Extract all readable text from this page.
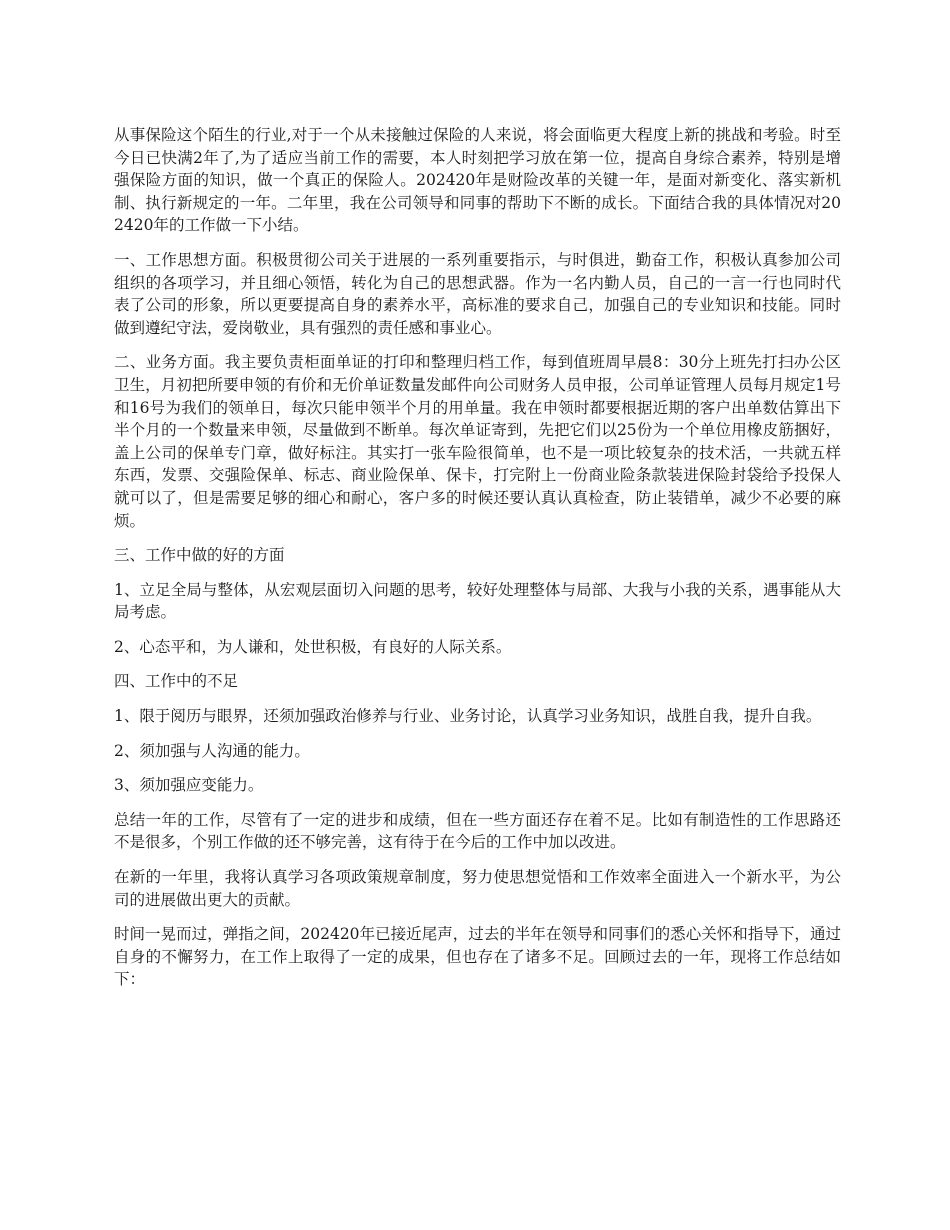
从事保险这个陌生的行业,对于一个从未接触过保险的人来说，将会面临更大程度上新的挑战和考验。时至今日已快满2年了,为了适应当前工作的需要，本人时刻把学习放在第一位，提高自身综合素养，特别是增强保险方面的知识，做一个真正的保险人。202420年是财险改革的关键一年，是面对新变化、落实新机制、执行新规定的一年。二年里，我在公司领导和同事的帮助下不断的成长。下面结合我的具体情况对202420年的工作做一下小结。

一、工作思想方面。积极贯彻公司关于进展的一系列重要指示，与时俱进，勤奋工作，积极认真参加公司组织的各项学习，并且细心领悟，转化为自己的思想武器。作为一名内勤人员，自己的一言一行也同时代表了公司的形象，所以更要提高自身的素养水平，高标准的要求自己，加强自己的专业知识和技能。同时做到遵纪守法，爱岗敬业，具有强烈的责任感和事业心。

二、业务方面。我主要负责柜面单证的打印和整理归档工作，每到值班周早晨8：30分上班先打扫办公区卫生，月初把所要申领的有价和无价单证数量发邮件向公司财务人员申报，公司单证管理人员每月规定1号和16号为我们的领单日，每次只能申领半个月的用单量。我在申领时都要根据近期的客户出单数估算出下半个月的一个数量来申领，尽量做到不断单。每次单证寄到，先把它们以25份为一个单位用橡皮筋捆好，盖上公司的保单专门章，做好标注。其实打一张车险很简单，也不是一项比较复杂的技术活，一共就五样东西，发票、交强险保单、标志、商业险保单、保卡，打完附上一份商业险条款装进保险封袋给予投保人就可以了，但是需要足够的细心和耐心，客户多的时候还要认真认真检查，防止装错单，减少不必要的麻烦。

三、工作中做的好的方面

1、立足全局与整体，从宏观层面切入问题的思考，较好处理整体与局部、大我与小我的关系，遇事能从大局考虑。

2、心态平和，为人谦和，处世积极，有良好的人际关系。

四、工作中的不足

1、限于阅历与眼界，还须加强政治修养与行业、业务讨论，认真学习业务知识，战胜自我，提升自我。

2、须加强与人沟通的能力。

3、须加强应变能力。

总结一年的工作，尽管有了一定的进步和成绩，但在一些方面还存在着不足。比如有制造性的工作思路还不是很多，个别工作做的还不够完善，这有待于在今后的工作中加以改进。

在新的一年里，我将认真学习各项政策规章制度，努力使思想觉悟和工作效率全面进入一个新水平，为公司的进展做出更大的贡献。

时间一晃而过，弹指之间，202420年已接近尾声，过去的半年在领导和同事们的悉心关怀和指导下，通过自身的不懈努力，在工作上取得了一定的成果，但也存在了诸多不足。回顾过去的一年，现将工作总结如下：
